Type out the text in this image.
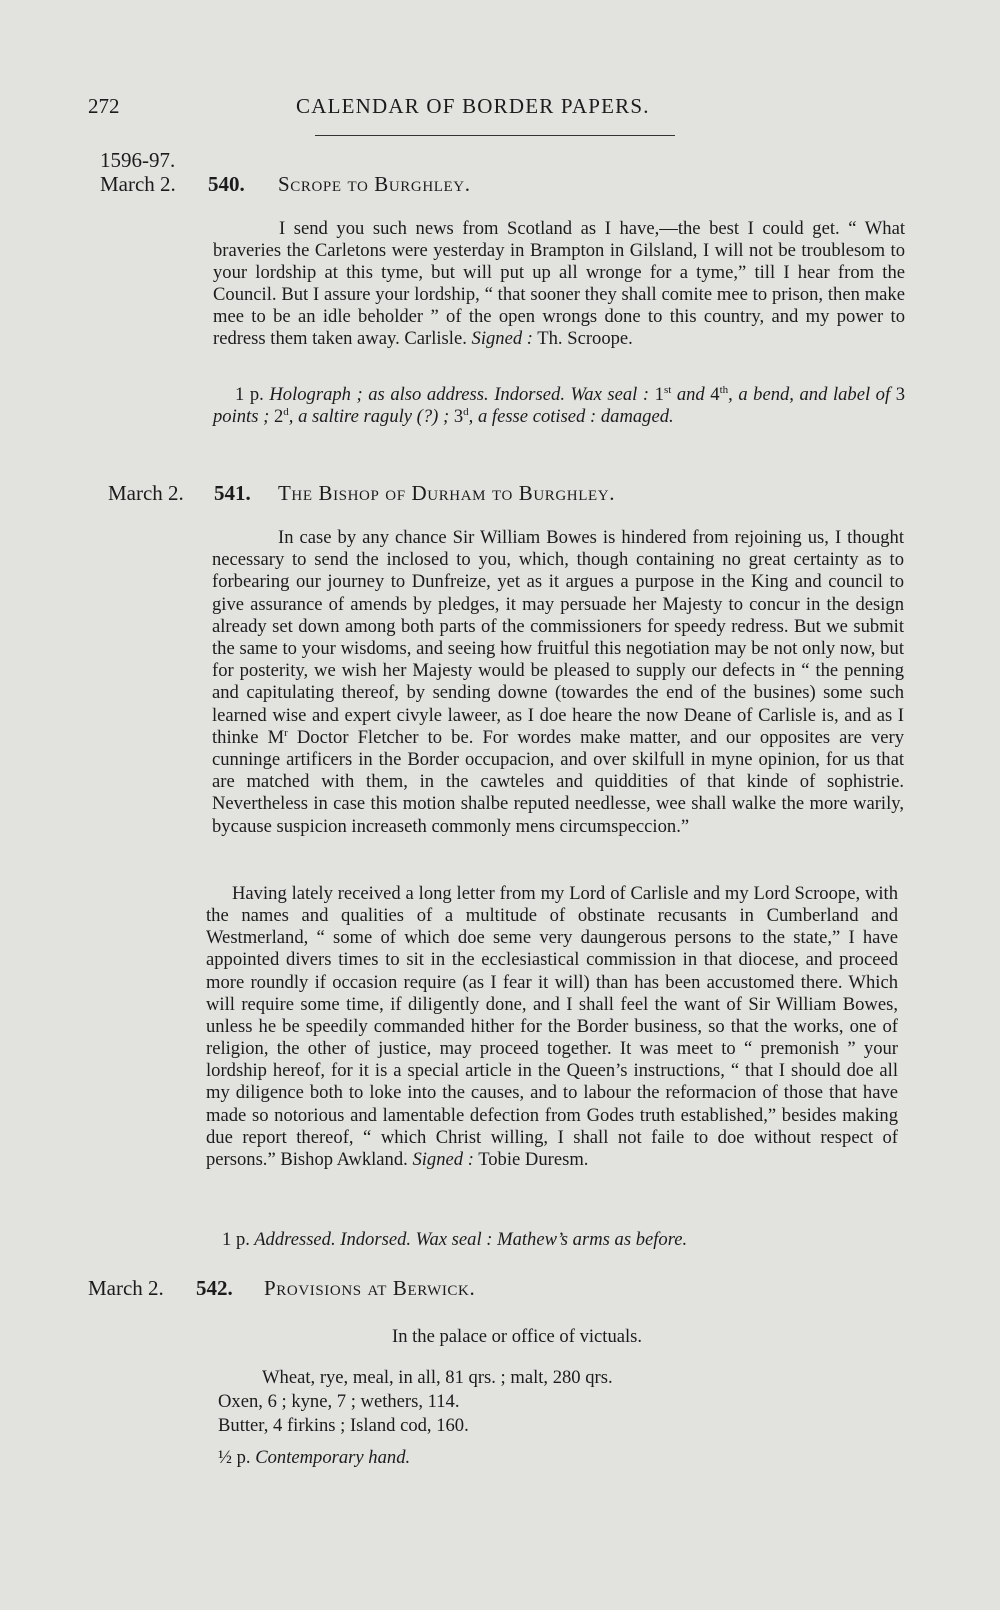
272	CALENDAR OF BORDER PAPERS.
1596-97.
March 2. 540. Scrope to Burghley.

I send you such news from Scotland as I have,—the best I could get. “ What braveries the Carletons were yesterday in Brampton in Gilsland, I will not be troublesom to your lordship at this tyme, but will put up all wronge for a tyme,” till I hear from the Council. But I assure your lordship, “ that sooner they shall comite mee to prison, then make mee to be an idle beholder ” of the open wrongs done to this country, and my power to redress them taken away. Carlisle. Signed : Th. Scroope.

1 p. Holograph ; as also address. Indorsed. Wax seal : 1st and 4th, a bend, and label of 3 points ; 2$^d$, a saltire raguly (?) ; 3$^d$, a fesse cotised : damaged.

March 2. 541. The Bishop of Durham to Burghley.

In case by any chance Sir William Bowes is hindered from rejoining us, I thought necessary to send the inclosed to you, which, though containing no great certainty as to forbearing our journey to Dunfreize, yet as it argues a purpose in the King and council to give assurance of amends by pledges, it may persuade her Majesty to concur in the design already set down among both parts of the commissioners for speedy redress. But we submit the same to your wisdoms, and seeing how fruitful this negotiation may be not only now, but for posterity, we wish her Majesty would be pleased to supply our defects in “ the penning and capitulating thereof, by sending downe (towardes the end of the busines) some such learned wise and expert civyle laweer, as I doe heare the now Deane of Carlisle is, and as I thinke $M^r$ Doctor Fletcher to be. For wordes make matter, and our opposites are very cunninge artificers in the Border occupacion, and over skilfull in myne opinion, for us that are matched with them, in the cawteles and quiddities of that kinde of sophistrie. Nevertheless in case this motion shalbe reputed needlesse, wee shall walke the more warily, bycause suspicion increaseth commonly mens circumspeccion.”

Having lately received a long letter from my Lord of Carlisle and my Lord Scroope, with the names and qualities of a multitude of obstinate recusants in Cumberland and Westmerland, “ some of which doe seme very daungerous persons to the state,” I have appointed divers times to sit in the ecclesiastical commission in that diocese, and proceed more roundly if occasion require (as I fear it will) than has been accustomed there. Which will require some time, if diligently done, and I shall feel the want of Sir William Bowes, unless he be speedily commanded hither for the Border business, so that the works, one of religion, the other of justice, may proceed together. It was meet to “ premonish ” your lordship hereof, for it is a special article in the Queen’s instructions, “ that I should doe all my diligence both to loke into the causes, and to labour the reformacion of those that have made so notorious and lamentable defection from Godes truth established,” besides making due report thereof, “ which Christ willing, I shall not faile to doe without respect of persons.” Bishop Awkland. Signed : Tobie Duresm.

1 p. Addressed. Indorsed. Wax seal : Mathew’s arms as before.

March 2. 542. Provisions at Berwick.
In the palace or office of victuals.
Wheat, rye, meal, in all, 81 qrs. ; malt, 280 qrs.
Oxen, 6 ; kyne, 7 ; wethers, 114.
Butter, 4 firkins ; Island cod, 160.

½ p. Contemporary hand.
